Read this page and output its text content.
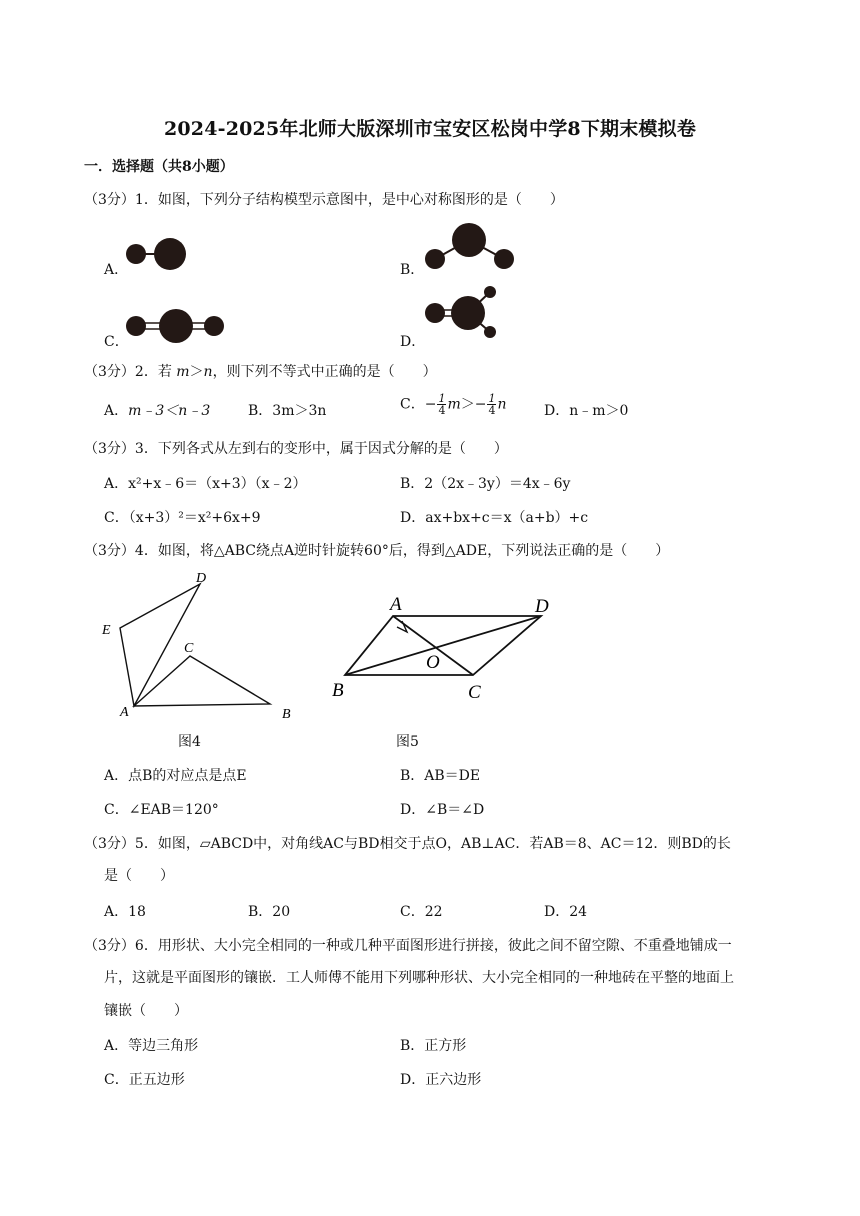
2024-2025年北师大版深圳市宝安区松岗中学8下期末模拟卷
一．选择题（共8小题）
（3分）1．如图，下列分子结构模型示意图中，是中心对称图形的是（　　）
A．	B．
C．	D．
（3分）2．若 m＞n，则下列不等式中正确的是（　　）
A．m﹣3＜n﹣3	B．3m＞3n	C．− $\frac{1}{4} m>- \frac{1}{4}$ n	D．n﹣m＞0
（3分）3．下列各式从左到右的变形中，属于因式分解的是（　　）
A．x²+x﹣6＝（x+3）（x﹣2）	B．2（2x﹣3y）＝4x﹣6y
C．（x+3）²＝x²+6x+9	D．ax+bx+c＝x（a+b）+c
（3分）4．如图，将△ABC绕点A逆时针旋转60°后，得到△ADE，下列说法正确的是（　　）
A
E
D
C
B
图4
A	D
O
B	C
图5
A．点B的对应点是点E	B．AB＝DE
C．∠EAB＝120°	D．∠B＝∠D
（3分）5．如图，▱ABCD中，对角线AC与BD相交于点O，AB⊥AC．若AB＝8、AC＝12．则BD的长
是（　　）
A．18	B．20	C．22	D．24
（3分）6．用形状、大小完全相同的一种或几种平面图形进行拼接，彼此之间不留空隙、不重叠地铺成一
片，这就是平面图形的镶嵌．工人师傅不能用下列哪种形状、大小完全相同的一种地砖在平整的地面上
镶嵌（　　）
A．等边三角形	B．正方形
C．正五边形	D．正六边形
